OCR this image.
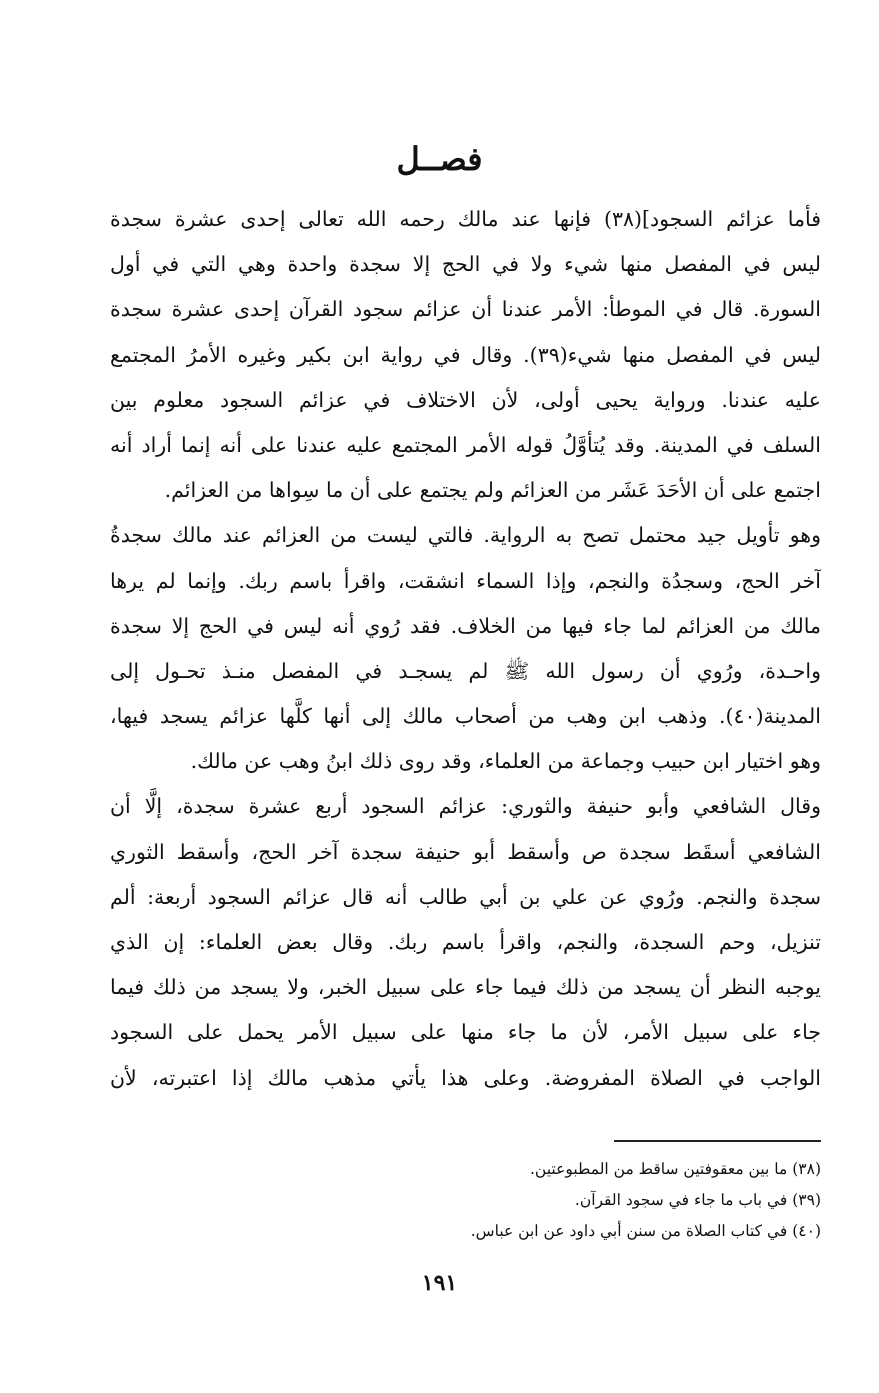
فصــل
فأما عزائم السجود](٣٨) فإنها عند مالك رحمه الله تعالى إحدى عشرة سجدة
ليس في المفصل منها شيء ولا في الحج إلا سجدة واحدة وهي التي في أول
السورة. قال في الموطأ: الأمر عندنا أن عزائم سجود القرآن إحدى عشرة سجدة
ليس في المفصل منها شيء(٣٩). وقال في رواية ابن بكير وغيره الأمرُ المجتمع
عليه عندنا. ورواية يحيى أولى، لأن الاختلاف في عزائم السجود معلوم بين
السلف في المدينة. وقد يُتأوَّلُ قوله الأمر المجتمع عليه عندنا على أنه إنما أراد أنه
اجتمع على أن الأحَدَ عَشَر من العزائم ولم يجتمع على أن ما سِواها من العزائم.
وهو تأويل جيد محتمل تصح به الرواية. فالتي ليست من العزائم عند مالك سجدةُ
آخر الحج، وسجدُة والنجم، وإذا السماء انشقت، واقرأ باسم ربك. وإنما لم يرها
مالك من العزائم لما جاء فيها من الخلاف. فقد رُوي أنه ليس في الحج إلا سجدة
واحـدة، ورُوي أن رسول الله ﷺ لم يسجـد في المفصل منـذ تحـول إلى
المدينة(٤٠). وذهب ابن وهب من أصحاب مالك إلى أنها كلَّها عزائم يسجد فيها،
وهو اختيار ابن حبيب وجماعة من العلماء، وقد روى ذلك ابنُ وهب عن مالك.
وقال الشافعي وأبو حنيفة والثوري: عزائم السجود أربع عشرة سجدة، إلَّا أن
الشافعي أسقَط سجدة ص وأسقط أبو حنيفة سجدة آخر الحج، وأسقط الثوري
سجدة والنجم. ورُوي عن علي بن أبي طالب أنه قال عزائم السجود أربعة: ألم
تنزيل، وحم السجدة، والنجم، واقرأ باسم ربك. وقال بعض العلماء: إن الذي
يوجبه النظر أن يسجد من ذلك فيما جاء على سبيل الخبر، ولا يسجد من ذلك فيما
جاء على سبيل الأمر، لأن ما جاء منها على سبيل الأمر يحمل على السجود
الواجب في الصلاة المفروضة. وعلى هذا يأتي مذهب مالك إذا اعتبرته، لأن
(٣٨) ما بين معقوفتين ساقط من المطبوعتين.
(٣٩) في باب ما جاء في سجود القرآن.
(٤٠) في كتاب الصلاة من سنن أبي داود عن ابن عباس.
١٩١
